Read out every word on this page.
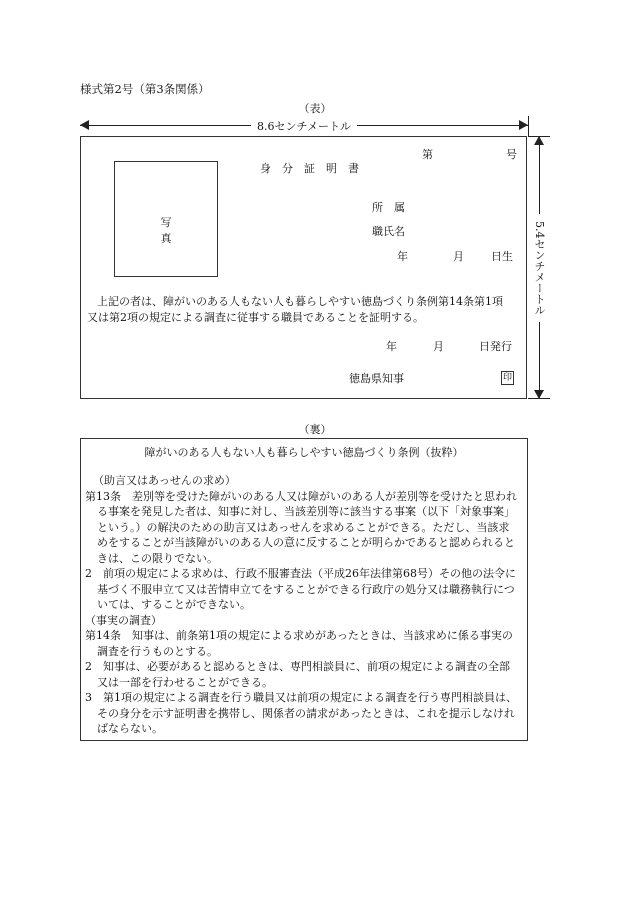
様式第2号（第3条関係）
（表）
8.6センチメートル
第	号
身　分　証　明　書
写　真
所　属
職氏名
年	月 日生
上記の者は、障がいのある人もない人も暮らしやすい徳島づくり条例第14条第1項
又は第2項の規定による調査に従事する職員であることを証明する。
年	月	日発行
徳島県知事	印
5.4センチメートル
（裏）
障がいのある人もない人も暮らしやすい徳島づくり条例（抜粋）

（助言又はあっせんの求め）

第13条　差別等を受けた障がいのある人又は障がいのある人が差別等を受けたと思われる事案を発見した者は、知事に対し、当該差別等に該当する事案（以下「対象事案」という。）の解決のための助言又はあっせんを求めることができる。ただし、当該求めをすることが当該障がいのある人の意に反することが明らかであると認められるときは、この限りでない。

2　前項の規定による求めは、行政不服審査法（平成26年法律第68号）その他の法令に基づく不服申立て又は苦情申立てをすることができる行政庁の処分又は職務執行については、することができない。

（事実の調査）

第14条　知事は、前条第1項の規定による求めがあったときは、当該求めに係る事実の調査を行うものとする。

2　知事は、必要があると認めるときは、専門相談員に、前項の規定による調査の全部又は一部を行わせることができる。

3　第1項の規定による調査を行う職員又は前項の規定による調査を行う専門相談員は、その身分を示す証明書を携帯し、関係者の請求があったときは、これを提示しなければならない。
